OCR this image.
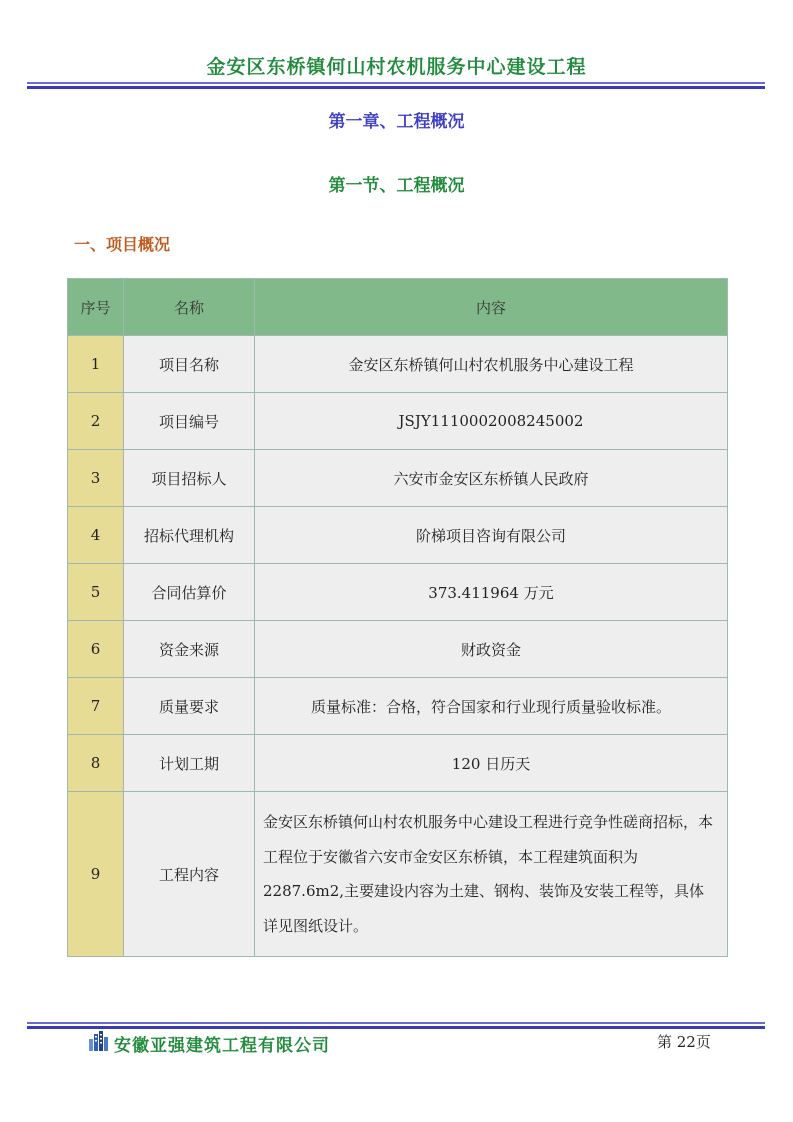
金安区东桥镇何山村农机服务中心建设工程
第一章、工程概况
第一节、工程概况
一、项目概况
序号	名称	内容
1	项目名称	金安区东桥镇何山村农机服务中心建设工程
2	项目编号	JSJY1110002008245002
3	项目招标人	六安市金安区东桥镇人民政府
4	招标代理机构	阶梯项目咨询有限公司
5	合同估算价	373.411964 万元
6	资金来源	财政资金
7	质量要求	质量标准：合格，符合国家和行业现行质量验收标准。
8	计划工期	120 日历天
9	工程内容	金安区东桥镇何山村农机服务中心建设工程进行竞争性磋商招标，本工程位于安徽省六安市金安区东桥镇，本工程建筑面积为 2287.6m2,主要建设内容为土建、钢构、装饰及安装工程等，具体详见图纸设计。
安徽亚强建筑工程有限公司	第 22页
